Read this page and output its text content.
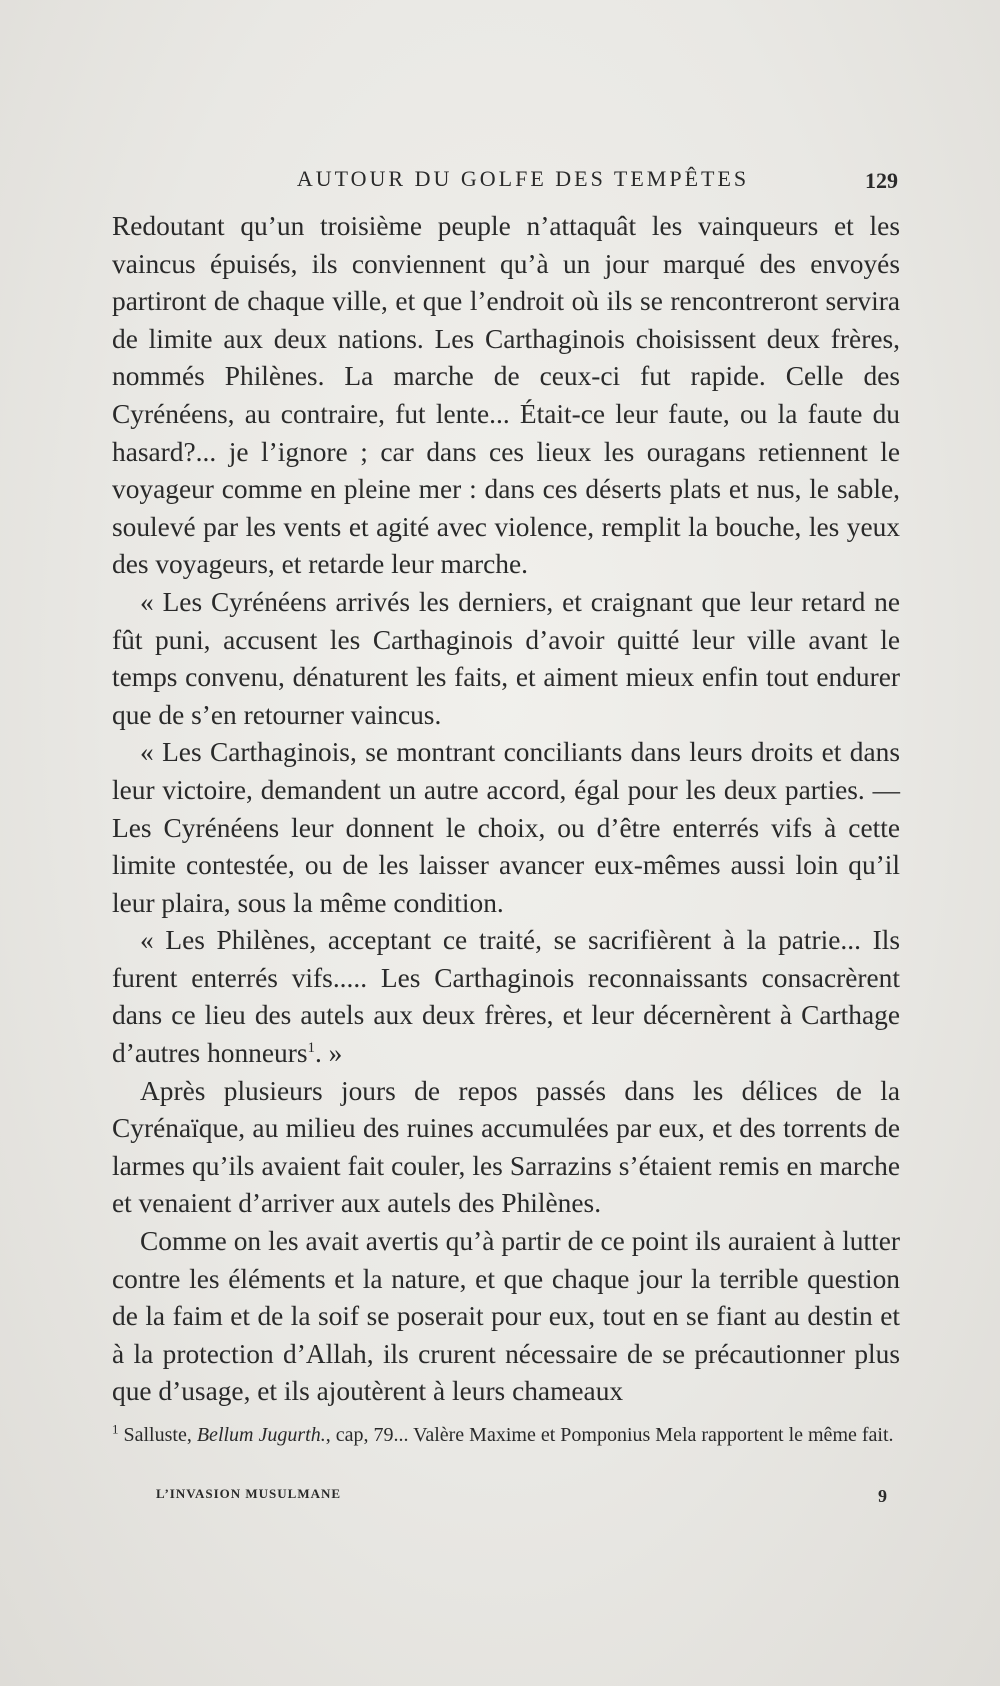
AUTOUR DU GOLFE DES TEMPÊTES	129

Redoutant qu’un troisième peuple n’attaquât les vainqueurs et les vaincus épuisés, ils conviennent qu’à un jour marqué des envoyés partiront de chaque ville, et que l’endroit où ils se rencontreront servira de limite aux deux nations. Les Carthaginois choisissent deux frères, nommés Philènes. La marche de ceux-ci fut rapide. Celle des Cyrénéens, au contraire, fut lente... Était-ce leur faute, ou la faute du hasard?... je l’ignore ; car dans ces lieux les ouragans retiennent le voyageur comme en pleine mer : dans ces déserts plats et nus, le sable, soulevé par les vents et agité avec violence, remplit la bouche, les yeux des voyageurs, et retarde leur marche.

« Les Cyrénéens arrivés les derniers, et craignant que leur retard ne fût puni, accusent les Carthaginois d’avoir quitté leur ville avant le temps convenu, dénaturent les faits, et aiment mieux enfin tout endurer que de s’en retourner vaincus.

« Les Carthaginois, se montrant conciliants dans leurs droits et dans leur victoire, demandent un autre accord, égal pour les deux parties. — Les Cyrénéens leur donnent le choix, ou d’être enterrés vifs à cette limite contestée, ou de les laisser avancer eux-mêmes aussi loin qu’il leur plaira, sous la même condition.

« Les Philènes, acceptant ce traité, se sacrifièrent à la patrie... Ils furent enterrés vifs..... Les Carthaginois reconnaissants consacrèrent dans ce lieu des autels aux deux frères, et leur décernèrent à Carthage d’autres honneurs$^1$. »

Après plusieurs jours de repos passés dans les délices de la Cyrénaïque, au milieu des ruines accumulées par eux, et des torrents de larmes qu’ils avaient fait couler, les Sarrazins s’étaient remis en marche et venaient d’arriver aux autels des Philènes.

Comme on les avait avertis qu’à partir de ce point ils auraient à lutter contre les éléments et la nature, et que chaque jour la terrible question de la faim et de la soif se poserait pour eux, tout en se fiant au destin et à la protection d’Allah, ils crurent nécessaire de se précautionner plus que d’usage, et ils ajoutèrent à leurs chameaux

$^1$ Salluste, Bellum Jugurth., cap, 79... Valère Maxime et Pomponius Mela rapportent le même fait.
L’INVASION MUSULMANE	9
